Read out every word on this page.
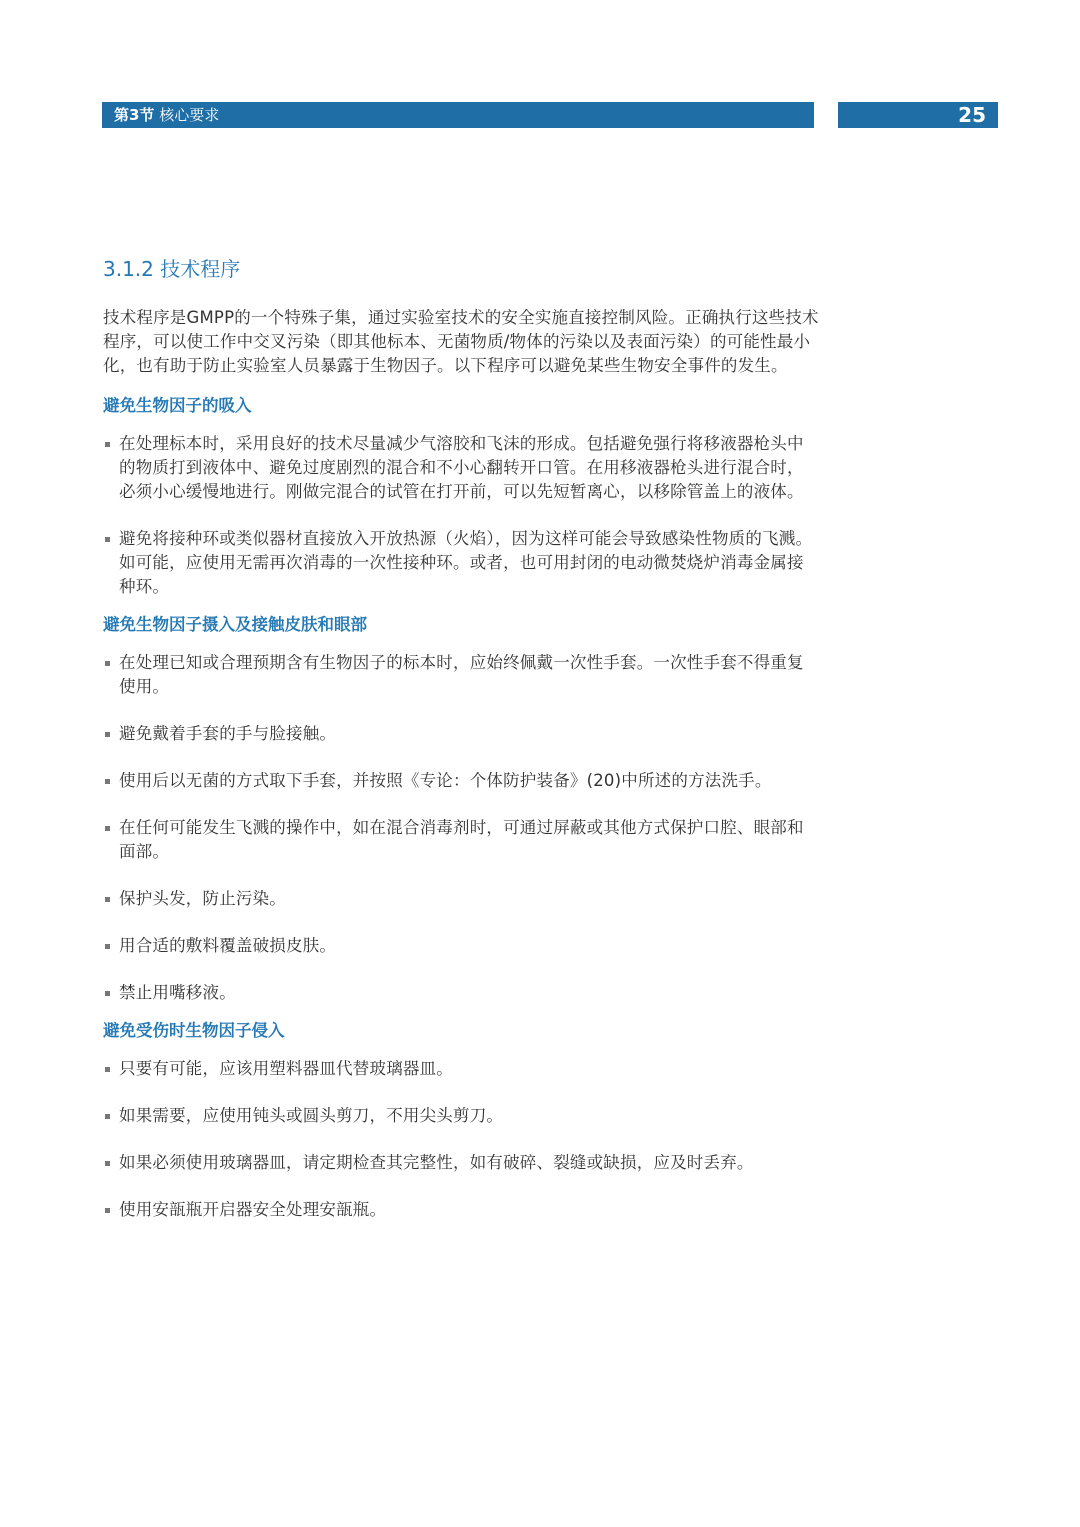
第3节 核心要求	25
3.1.2 技术程序

技术程序是GMPP的一个特殊子集，通过实验室技术的安全实施直接控制风险。正确执行这些技术程序，可以使工作中交叉污染（即其他标本、无菌物质/物体的污染以及表面污染）的可能性最小化，也有助于防止实验室人员暴露于生物因子。以下程序可以避免某些生物安全事件的发生。

避免生物因子的吸入
在处理标本时，采用良好的技术尽量减少气溶胶和飞沫的形成。包括避免强行将移液器枪头中的物质打到液体中、避免过度剧烈的混合和不小心翻转开口管。在用移液器枪头进行混合时，必须小心缓慢地进行。刚做完混合的试管在打开前，可以先短暂离心，以移除管盖上的液体。
避免将接种环或类似器材直接放入开放热源（火焰），因为这样可能会导致感染性物质的飞溅。如可能，应使用无需再次消毒的一次性接种环。或者，也可用封闭的电动微焚烧炉消毒金属接种环。
避免生物因子摄入及接触皮肤和眼部
在处理已知或合理预期含有生物因子的标本时，应始终佩戴一次性手套。一次性手套不得重复使用。
避免戴着手套的手与脸接触。
使用后以无菌的方式取下手套，并按照《专论：个体防护装备》(20)中所述的方法洗手。
在任何可能发生飞溅的操作中，如在混合消毒剂时，可通过屏蔽或其他方式保护口腔、眼部和面部。
保护头发，防止污染。
用合适的敷料覆盖破损皮肤。
禁止用嘴移液。
避免受伤时生物因子侵入
只要有可能，应该用塑料器皿代替玻璃器皿。
如果需要，应使用钝头或圆头剪刀，不用尖头剪刀。
如果必须使用玻璃器皿，请定期检查其完整性，如有破碎、裂缝或缺损，应及时丢弃。
使用安瓿瓶开启器安全处理安瓿瓶。
